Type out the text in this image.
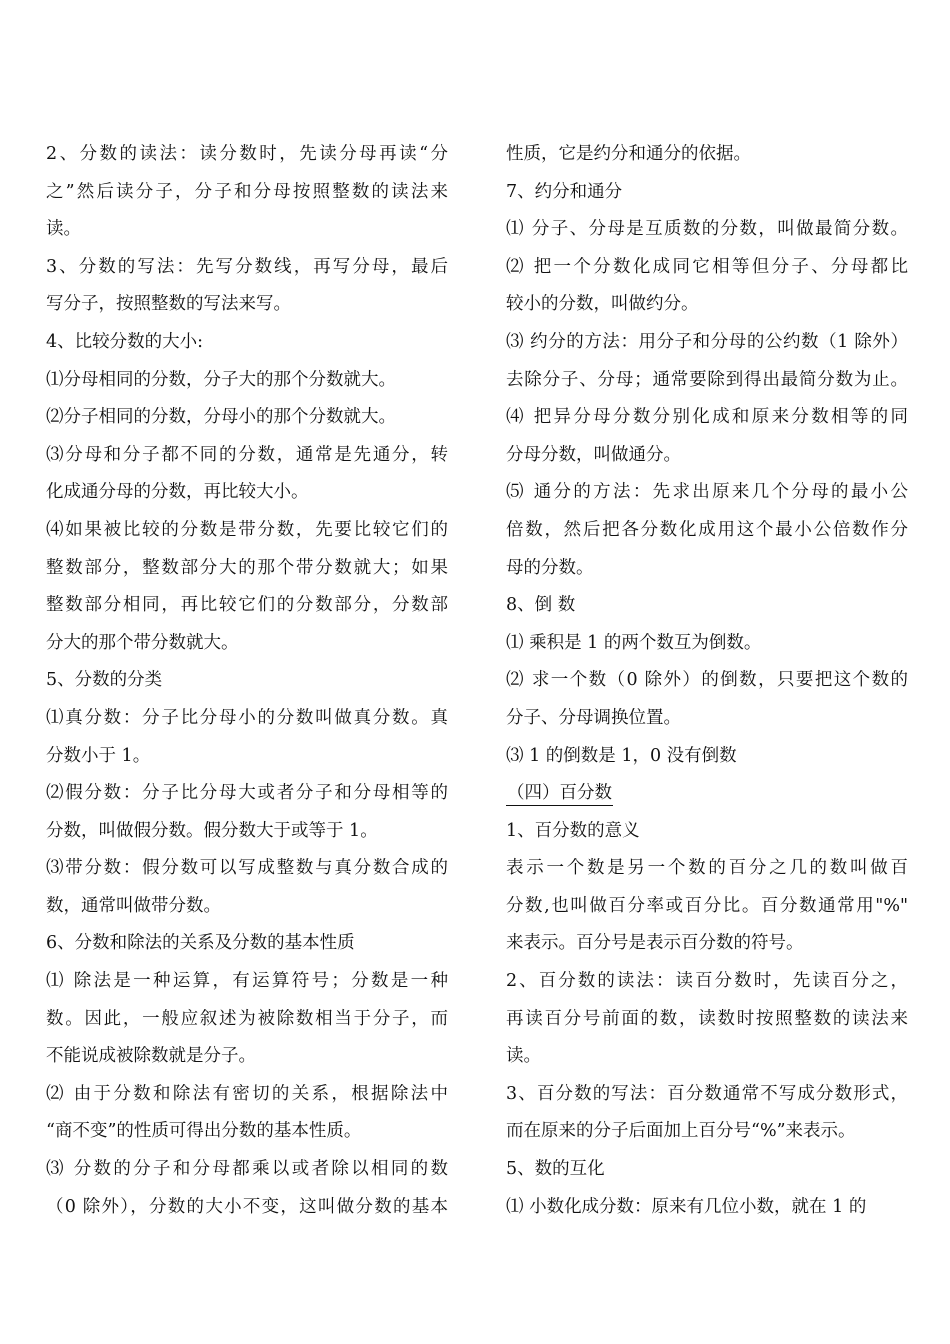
2、分数的读法：读分数时，先读分母再读“分
之”然后读分子，分子和分母按照整数的读法来
读。
3、分数的写法：先写分数线，再写分母，最后
写分子，按照整数的写法来写。
4、比较分数的大小:
⑴分母相同的分数，分子大的那个分数就大。
⑵分子相同的分数，分母小的那个分数就大。
⑶分母和分子都不同的分数，通常是先通分，转
化成通分母的分数，再比较大小。
⑷如果被比较的分数是带分数，先要比较它们的
整数部分，整数部分大的那个带分数就大；如果
整数部分相同，再比较它们的分数部分，分数部
分大的那个带分数就大。
5、分数的分类
⑴真分数：分子比分母小的分数叫做真分数。真
分数小于 1。
⑵假分数：分子比分母大或者分子和分母相等的
分数，叫做假分数。假分数大于或等于 1。
⑶带分数：假分数可以写成整数与真分数合成的
数，通常叫做带分数。
6、分数和除法的关系及分数的基本性质
⑴ 除法是一种运算，有运算符号；分数是一种
数。因此，一般应叙述为被除数相当于分子，而
不能说成被除数就是分子。
⑵ 由于分数和除法有密切的关系，根据除法中
“商不变”的性质可得出分数的基本性质。
⑶ 分数的分子和分母都乘以或者除以相同的数
（0 除外），分数的大小不变，这叫做分数的基本
性质，它是约分和通分的依据。
7、约分和通分
⑴ 分子、分母是互质数的分数，叫做最简分数。
⑵ 把一个分数化成同它相等但分子、分母都比
较小的分数，叫做约分。
⑶ 约分的方法：用分子和分母的公约数（1 除外）
去除分子、分母；通常要除到得出最简分数为止。
⑷ 把异分母分数分别化成和原来分数相等的同
分母分数，叫做通分。
⑸ 通分的方法：先求出原来几个分母的最小公
倍数，然后把各分数化成用这个最小公倍数作分
母的分数。
8、倒 数
⑴ 乘积是 1 的两个数互为倒数。
⑵ 求一个数（0 除外）的倒数，只要把这个数的
分子、分母调换位置。
⑶ 1 的倒数是 1，0 没有倒数
（四）百分数
1、百分数的意义
表示一个数是另一个数的百分之几的数叫做百
分数,也叫做百分率或百分比。百分数通常用"%"
来表示。百分号是表示百分数的符号。
2、百分数的读法：读百分数时，先读百分之，
再读百分号前面的数，读数时按照整数的读法来
读。
3、百分数的写法：百分数通常不写成分数形式，
而在原来的分子后面加上百分号“%”来表示。
5、数的互化
⑴ 小数化成分数：原来有几位小数，就在 1 的
